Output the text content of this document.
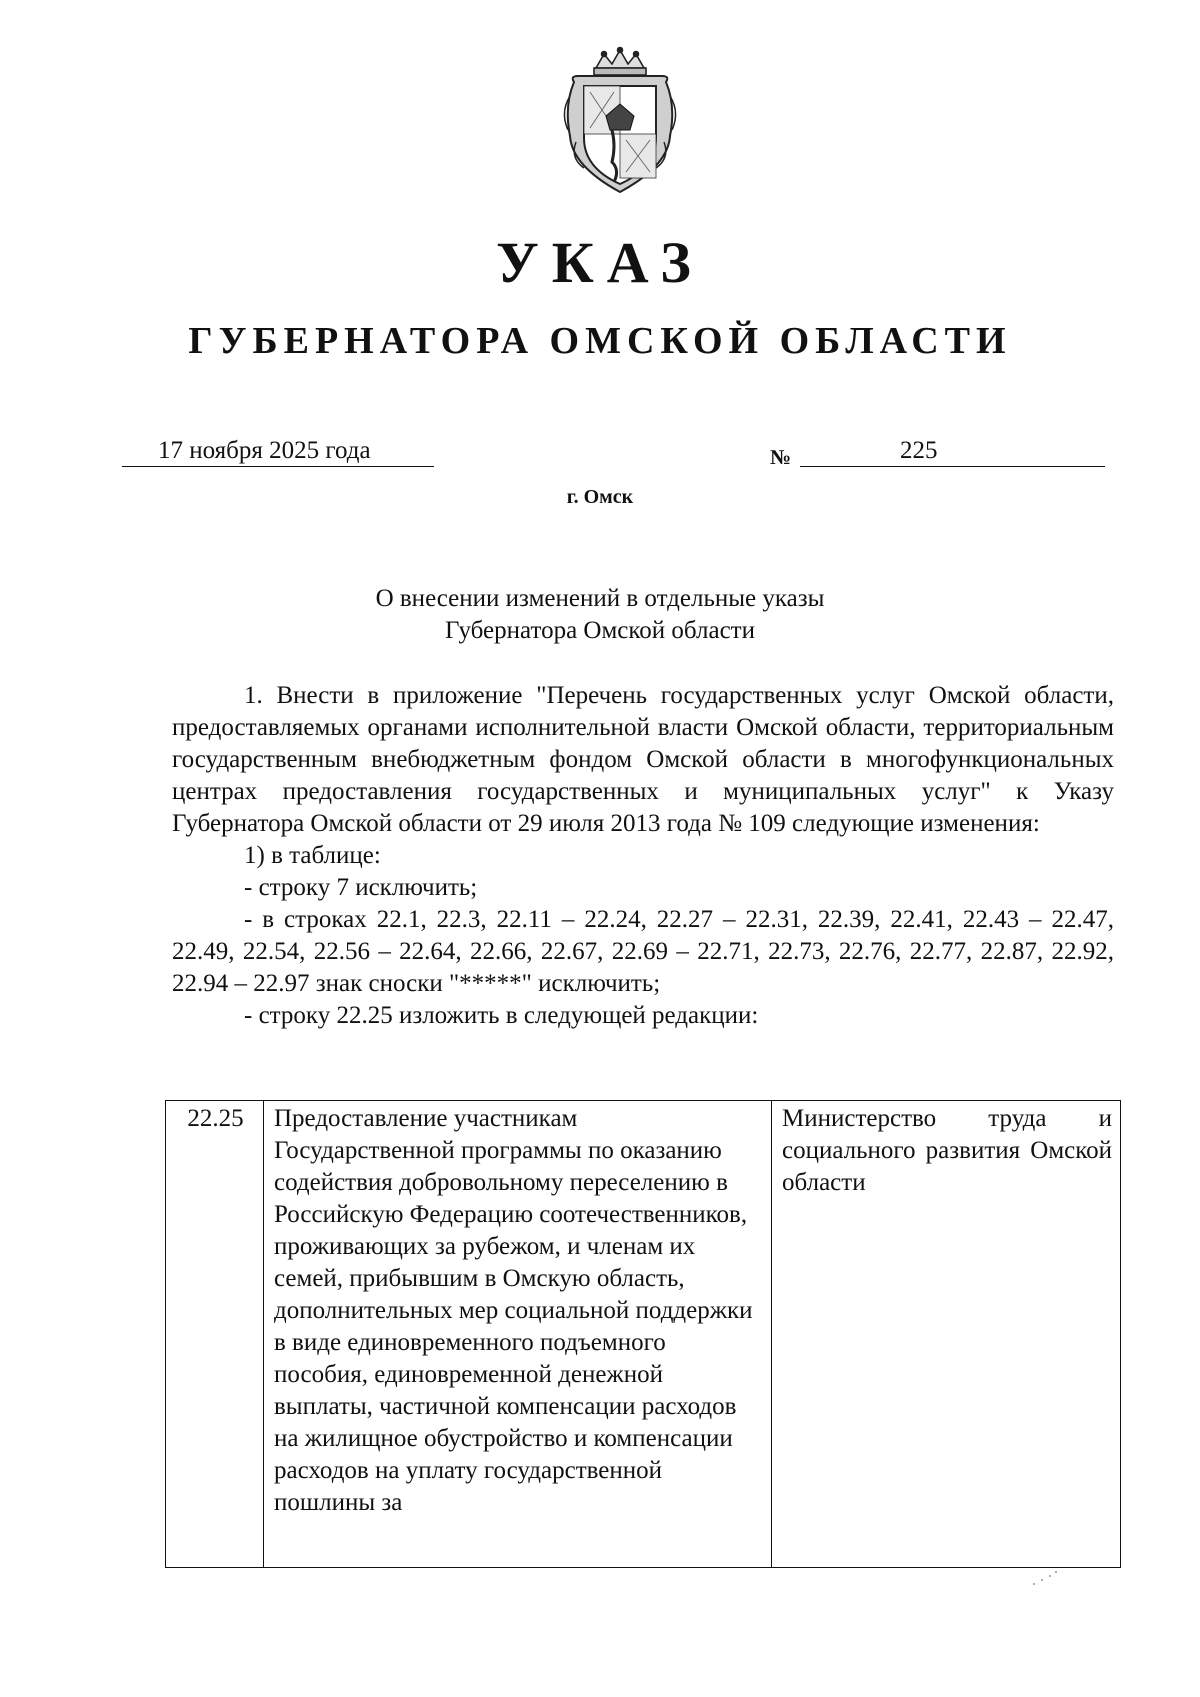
УКАЗ
ГУБЕРНАТОРА ОМСКОЙ ОБЛАСТИ
17 ноября 2025 года	№	225
г. Омск
О внесении изменений в отдельные указы
Губернатора Омской области

1. Внести в приложение "Перечень государственных услуг Омской области, предоставляемых органами исполнительной власти Омской области, территориальным государственным внебюджетным фондом Омской области в многофункциональных центрах предоставления государственных и муниципальных услуг" к Указу Губернатора Омской области от 29 июля 2013 года № 109 следующие изменения:

1) в таблице:

- строку 7 исключить;

- в строках 22.1, 22.3, 22.11 – 22.24, 22.27 – 22.31, 22.39, 22.41, 22.43 – 22.47, 22.49, 22.54, 22.56 – 22.64, 22.66, 22.67, 22.69 – 22.71, 22.73, 22.76, 22.77, 22.87, 22.92, 22.94 – 22.97 знак сноски "*****" исключить;

- строку 22.25 изложить в следующей редакции:

22.25	Предоставление участникам Государственной программы по оказанию содействия добровольному переселению в Российскую Федерацию соотечественников, проживающих за рубежом, и членам их семей, прибывшим в Омскую область, дополнительных мер социальной поддержки в виде единовременного подъемного пособия, единовременной денежной выплаты, частичной компенсации расходов на жилищное обустройство и компенсации расходов на уплату государственной пошлины за	Министерство труда и социального развития Омской области
